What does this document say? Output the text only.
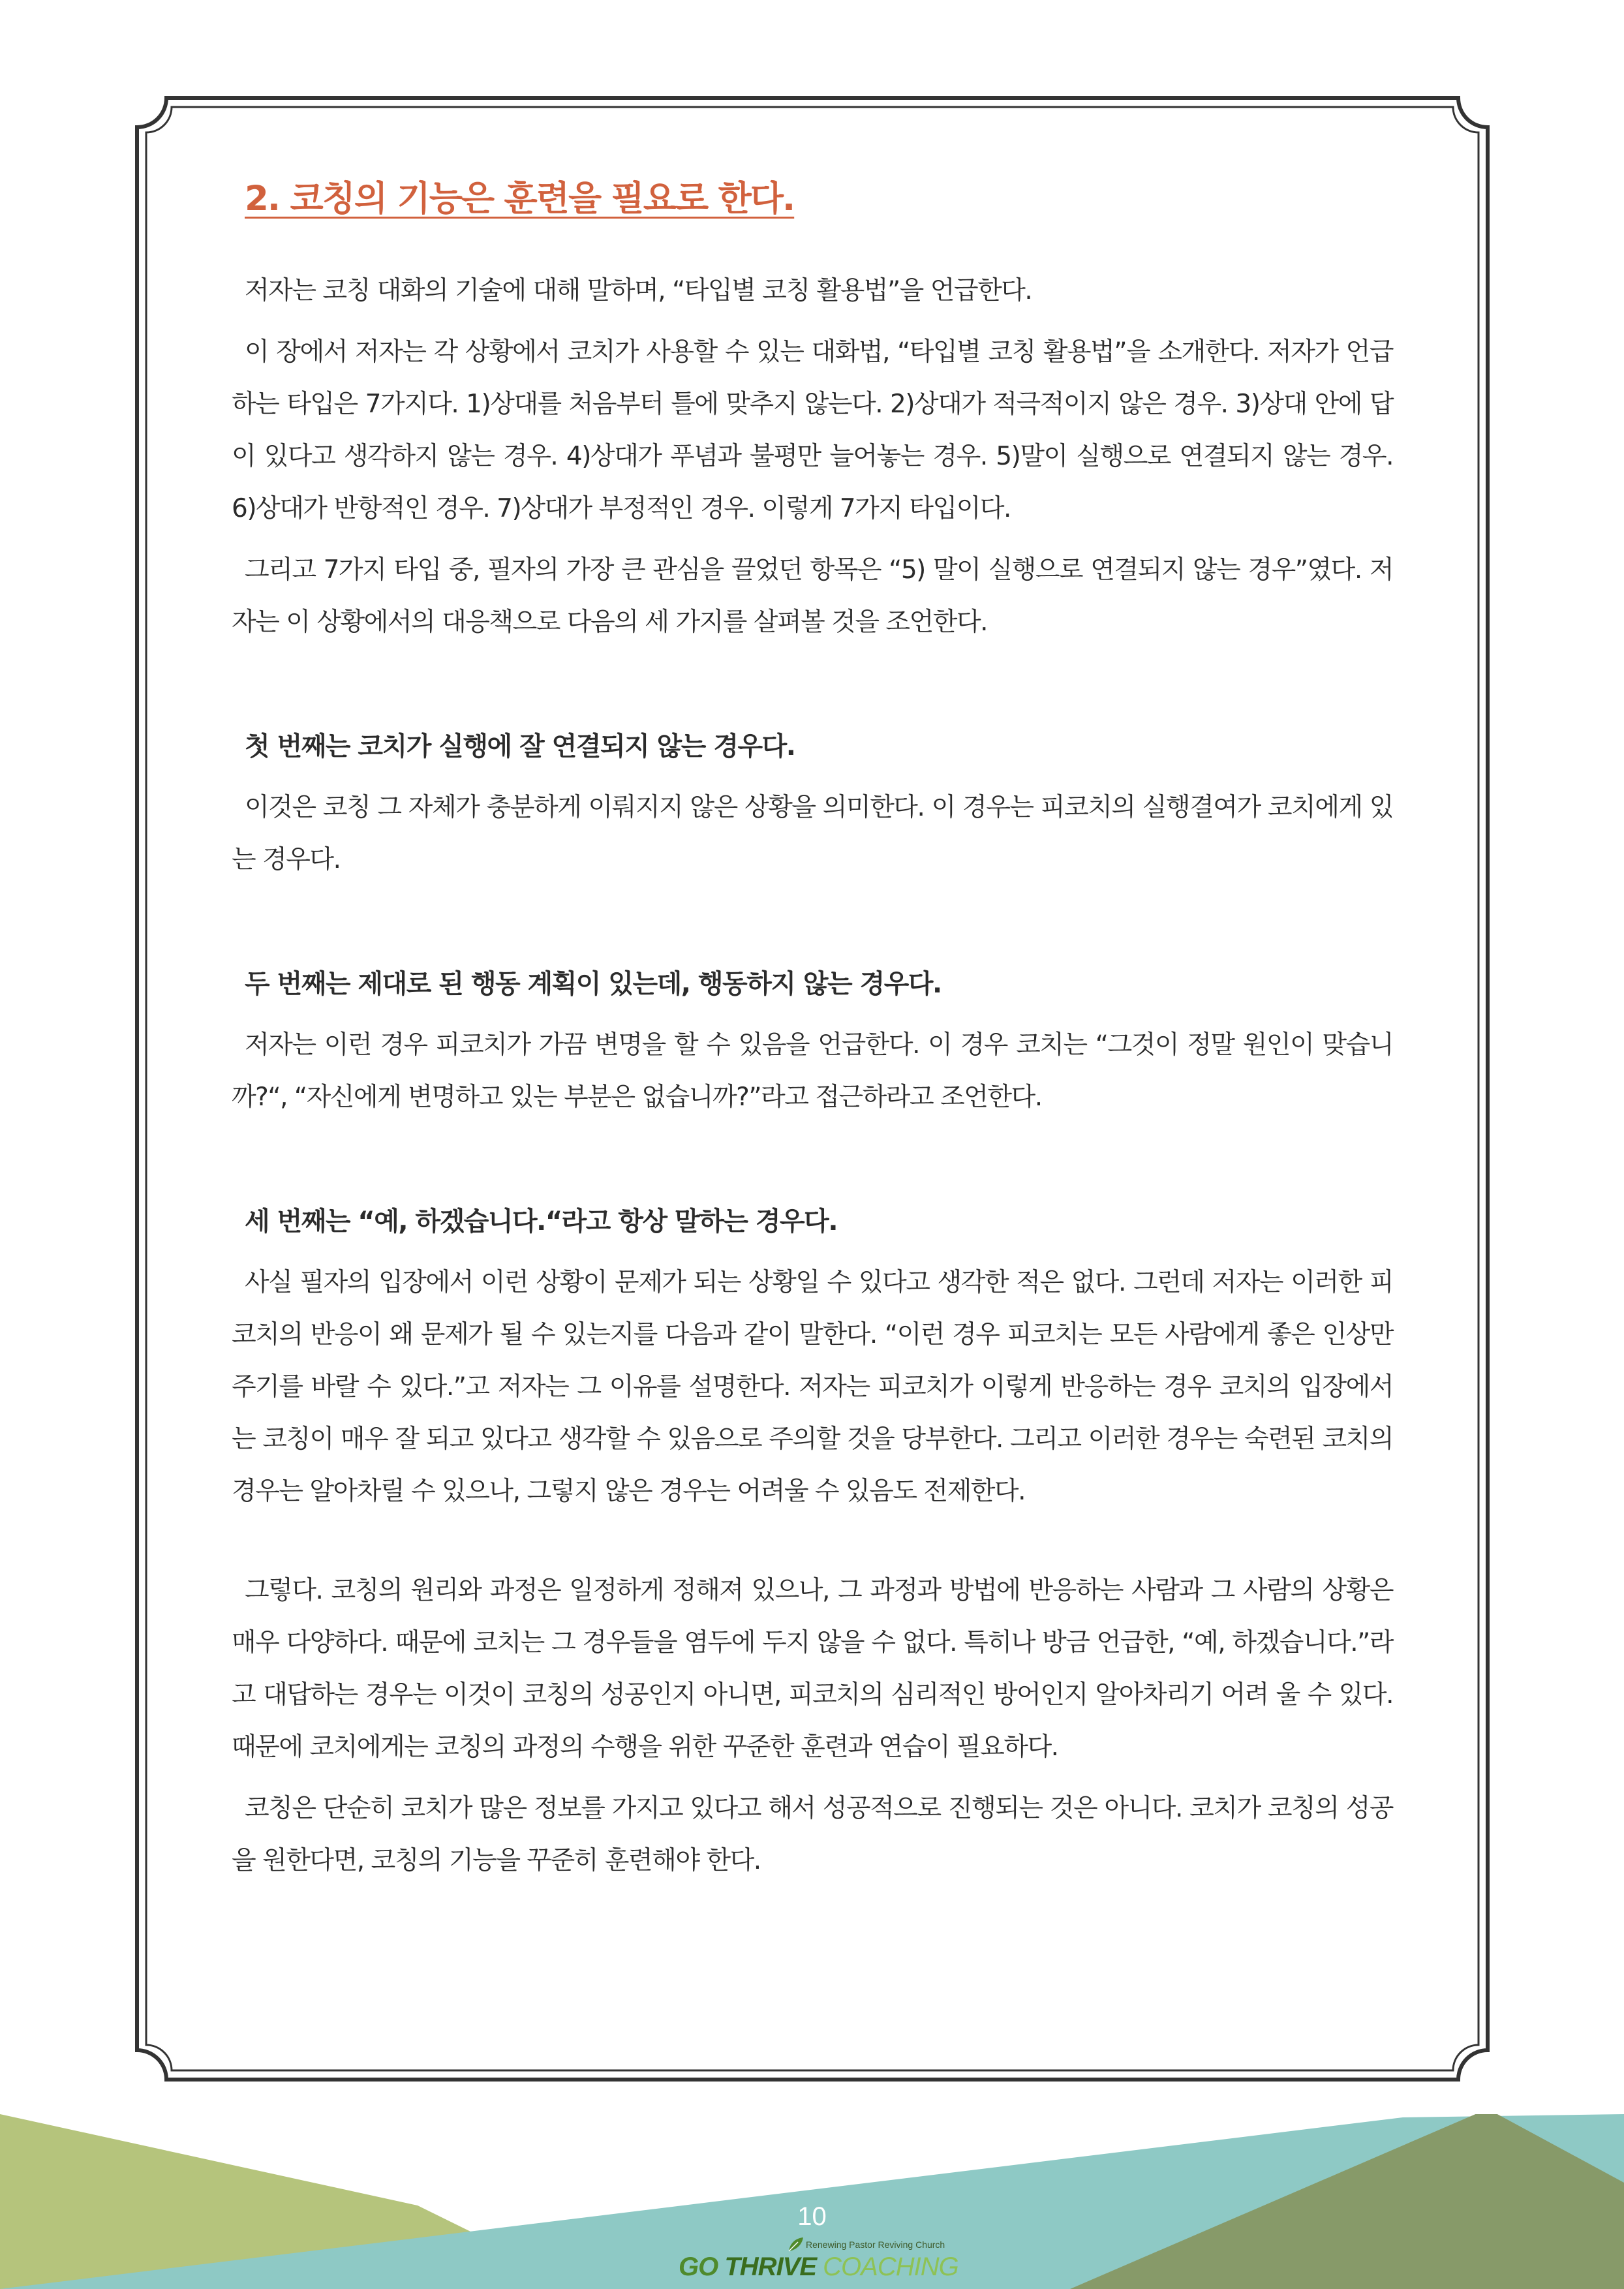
2. 코칭의 기능은 훈련을 필요로 한다.

저자는 코칭 대화의 기술에 대해 말하며, “타입별 코칭 활용법”을 언급한다.

이 장에서 저자는 각 상황에서 코치가 사용할 수 있는 대화법, “타입별 코칭 활용법”을 소개한다. 저자가 언급하는 타입은 7가지다. 1)상대를 처음부터 틀에 맞추지 않는다. 2)상대가 적극적이지 않은 경우. 3)상대 안에 답이 있다고 생각하지 않는 경우. 4)상대가 푸념과 불평만 늘어놓는 경우. 5)말이 실행으로 연결되지 않는 경우. 6)상대가 반항적인 경우. 7)상대가 부정적인 경우. 이렇게 7가지 타입이다.

그리고 7가지 타입 중, 필자의 가장 큰 관심을 끌었던 항목은 “5) 말이 실행으로 연결되지 않는 경우”였다. 저자는 이 상황에서의 대응책으로 다음의 세 가지를 살펴볼 것을 조언한다.

첫 번째는 코치가 실행에 잘 연결되지 않는 경우다.

이것은 코칭 그 자체가 충분하게 이뤄지지 않은 상황을 의미한다. 이 경우는 피코치의 실행결여가 코치에게 있는 경우다.

두 번째는 제대로 된 행동 계획이 있는데, 행동하지 않는 경우다.

저자는 이런 경우 피코치가 가끔 변명을 할 수 있음을 언급한다. 이 경우 코치는 “그것이 정말 원인이 맞습니까?“, “자신에게 변명하고 있는 부분은 없습니까?”라고 접근하라고 조언한다.

세 번째는 “예, 하겠습니다.“라고 항상 말하는 경우다.

사실 필자의 입장에서 이런 상황이 문제가 되는 상황일 수 있다고 생각한 적은 없다. 그런데 저자는 이러한 피코치의 반응이 왜 문제가 될 수 있는지를 다음과 같이 말한다. “이런 경우 피코치는 모든 사람에게 좋은 인상만 주기를 바랄 수 있다.”고 저자는 그 이유를 설명한다. 저자는 피코치가 이렇게 반응하는 경우 코치의 입장에서는 코칭이 매우 잘 되고 있다고 생각할 수 있음으로 주의할 것을 당부한다. 그리고 이러한 경우는 숙련된 코치의 경우는 알아차릴 수 있으나, 그렇지 않은 경우는 어려울 수 있음도 전제한다.

그렇다. 코칭의 원리와 과정은 일정하게 정해져 있으나, 그 과정과 방법에 반응하는 사람과 그 사람의 상황은 매우 다양하다. 때문에 코치는 그 경우들을 염두에 두지 않을 수 없다. 특히나 방금 언급한, “예, 하겠습니다.”라고 대답하는 경우는 이것이 코칭의 성공인지 아니면, 피코치의 심리적인 방어인지 알아차리기 어려 울 수 있다. 때문에 코치에게는 코칭의 과정의 수행을 위한 꾸준한 훈련과 연습이 필요하다.

코칭은 단순히 코치가 많은 정보를 가지고 있다고 해서 성공적으로 진행되는 것은 아니다. 코치가 코칭의 성공을 원한다면, 코칭의 기능을 꾸준히 훈련해야 한다.

10
Renewing Pastor Reviving Church
GO THRIVE COACHING
